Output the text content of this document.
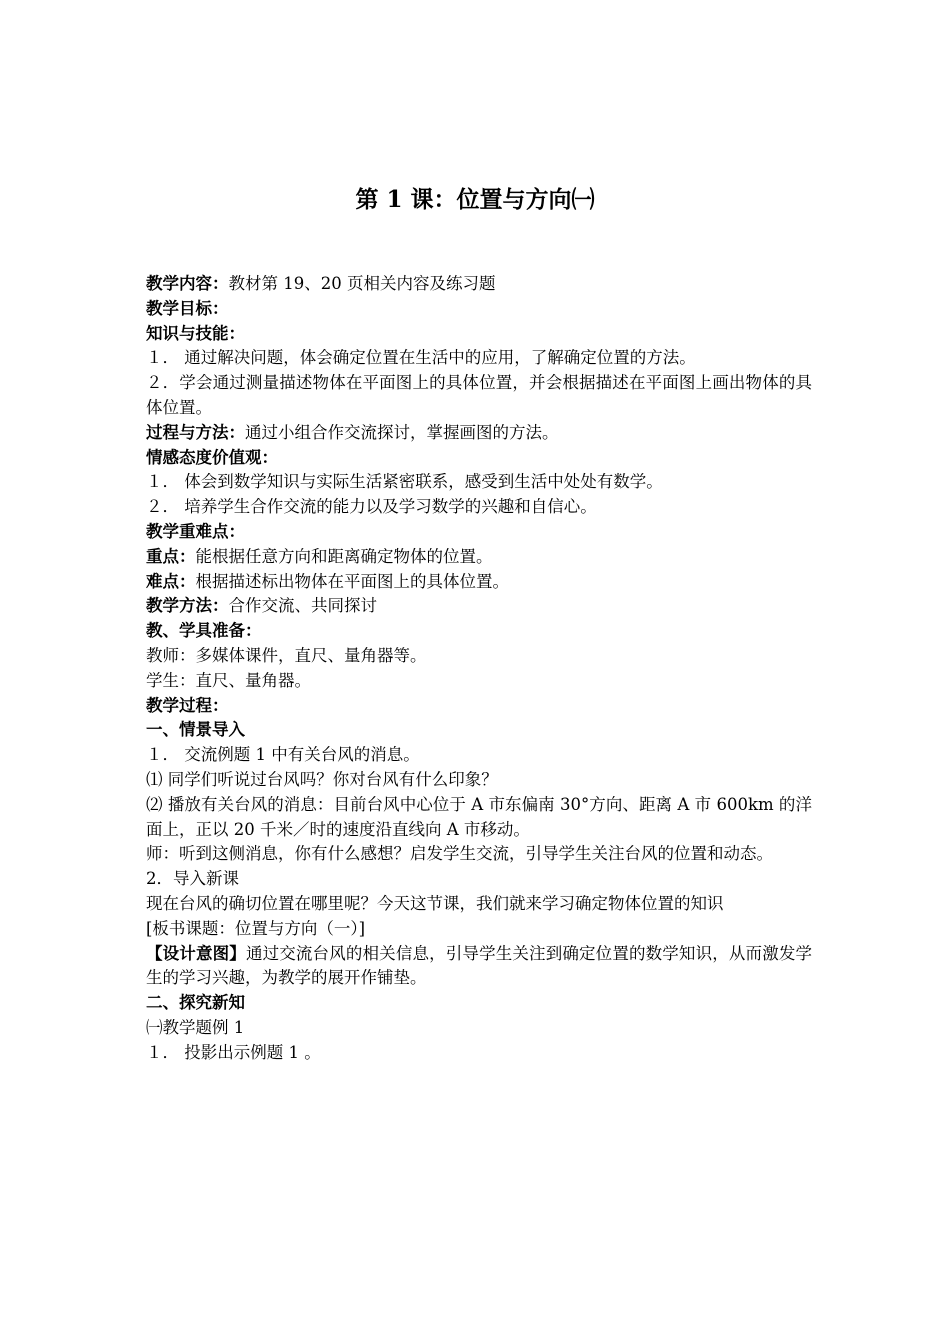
第 1 课：位置与方向㈠
教学内容：教材第 19、20 页相关内容及练习题
教学目标：
知识与技能：
１． 通过解决问题，体会确定位置在生活中的应用，了解确定位置的方法。
２．学会通过测量描述物体在平面图上的具体位置，并会根据描述在平面图上画出物体的具体位置。
过程与方法：通过小组合作交流探讨，掌握画图的方法。
情感态度价值观：
１． 体会到数学知识与实际生活紧密联系，感受到生活中处处有数学。
２． 培养学生合作交流的能力以及学习数学的兴趣和自信心。
教学重难点：
重点：能根据任意方向和距离确定物体的位置。
难点：根据描述标出物体在平面图上的具体位置。
教学方法：合作交流、共同探讨
教、学具准备：
教师：多媒体课件，直尺、量角器等。
学生：直尺、量角器。
教学过程：
一、情景导入
１． 交流例题 1 中有关台风的消息。
⑴ 同学们听说过台风吗？你对台风有什么印象？
⑵ 播放有关台风的消息：目前台风中心位于 A 市东偏南 30°方向、距离 A 市 600km 的洋面上，正以 20 千米／时的速度沿直线向 A 市移动。
师：听到这侧消息，你有什么感想？启发学生交流，引导学生关注台风的位置和动态。
2．导入新课
现在台风的确切位置在哪里呢？今天这节课，我们就来学习确定物体位置的知识
[板书课题：位置与方向（一）]
【设计意图】通过交流台风的相关信息，引导学生关注到确定位置的数学知识，从而激发学生的学习兴趣，为教学的展开作铺垫。
二、探究新知
㈠教学题例 1
１． 投影出示例题 1 。
